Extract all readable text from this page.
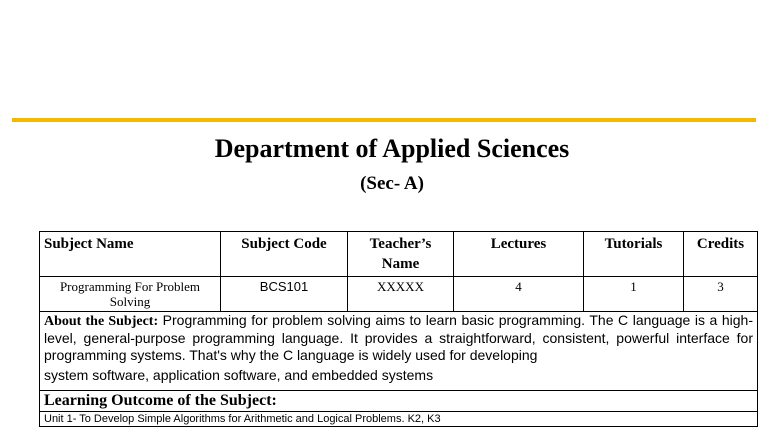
Department of Applied Sciences
(Sec- A)
Subject Name	Subject Code	Teacher’s Name	Lectures	Tutorials	Credits
Programming For Problem Solving	BCS101	XXXXX	4	1	3
About the Subject: Programming for problem solving aims to learn basic programming. The C language is a high-level, general-purpose programming language. It provides a straightforward, consistent, powerful interface for programming systems. That's why the C language is widely used for developing
system software, application software, and embedded systems					

Learning Outcome of the Subject:					
Unit 1- To Develop Simple Algorithms for Arithmetic and Logical Problems. K2, K3					
